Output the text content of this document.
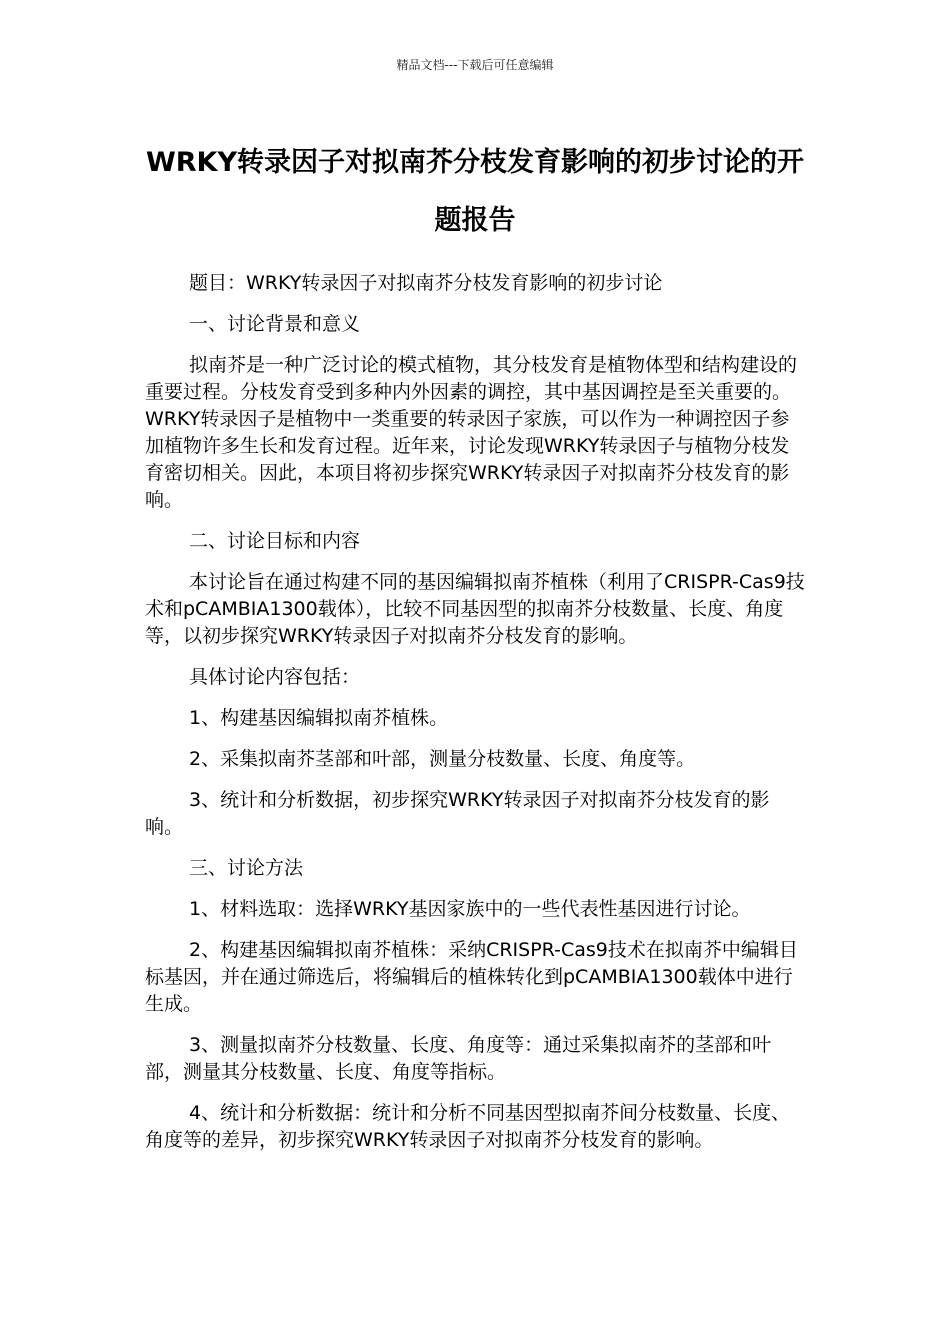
精品文档---下载后可任意编辑
WRKY转录因子对拟南芥分枝发育影响的初步讨论的开题报告

题目：WRKY转录因子对拟南芥分枝发育影响的初步讨论

一、讨论背景和意义

拟南芥是一种广泛讨论的模式植物，其分枝发育是植物体型和结构建设的重要过程。分枝发育受到多种内外因素的调控，其中基因调控是至关重要的。WRKY转录因子是植物中一类重要的转录因子家族，可以作为一种调控因子参加植物许多生长和发育过程。近年来，讨论发现WRKY转录因子与植物分枝发育密切相关。因此，本项目将初步探究WRKY转录因子对拟南芥分枝发育的影响。

二、讨论目标和内容

本讨论旨在通过构建不同的基因编辑拟南芥植株（利用了CRISPR-Cas9技术和pCAMBIA1300载体），比较不同基因型的拟南芥分枝数量、长度、角度等，以初步探究WRKY转录因子对拟南芥分枝发育的影响。

具体讨论内容包括：

1、构建基因编辑拟南芥植株。

2、采集拟南芥茎部和叶部，测量分枝数量、长度、角度等。

3、统计和分析数据，初步探究WRKY转录因子对拟南芥分枝发育的影响。

三、讨论方法

1、材料选取：选择WRKY基因家族中的一些代表性基因进行讨论。

2、构建基因编辑拟南芥植株：采纳CRISPR-Cas9技术在拟南芥中编辑目标基因，并在通过筛选后，将编辑后的植株转化到pCAMBIA1300载体中进行生成。

3、测量拟南芥分枝数量、长度、角度等：通过采集拟南芥的茎部和叶部，测量其分枝数量、长度、角度等指标。

4、统计和分析数据：统计和分析不同基因型拟南芥间分枝数量、长度、角度等的差异，初步探究WRKY转录因子对拟南芥分枝发育的影响。
